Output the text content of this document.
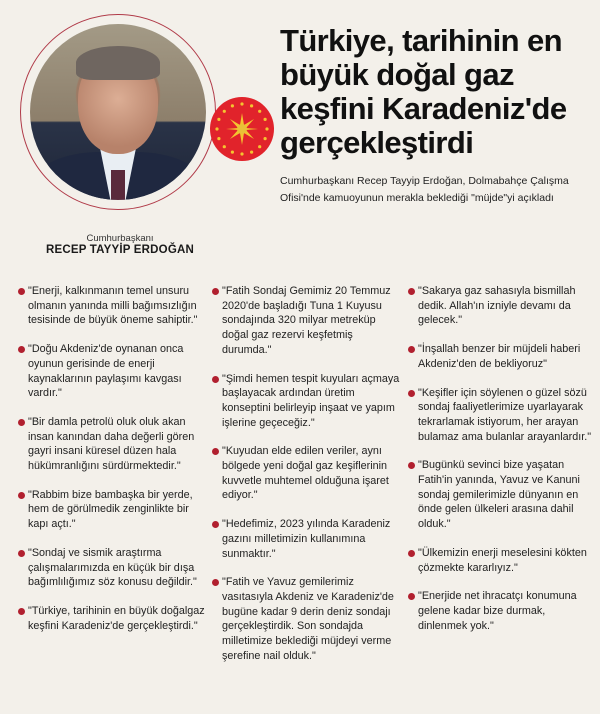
Cumhurbaşkanı
RECEP TAYYİP ERDOĞAN
Türkiye, tarihinin en büyük doğal gaz keşfini Karadeniz'de gerçekleştirdi

Cumhurbaşkanı Recep Tayyip Erdoğan, Dolmabahçe Çalışma Ofisi'nde kamuoyunun merakla beklediği "müjde"yi açıkladı

"Enerji, kalkınmanın temel unsuru olmanın yanında milli bağımsızlığın tesisinde de büyük öneme sahiptir."
"Doğu Akdeniz'de oynanan onca oyunun gerisinde de enerji kaynaklarının paylaşımı kavgası vardır."
"Bir damla petrolü oluk oluk akan insan kanından daha değerli gören gayri insani küresel düzen hala hükümranlığını sürdürmektedir."
"Rabbim bize bambaşka bir yerde, hem de görülmedik zenginlikte bir kapı açtı."
"Sondaj ve sismik araştırma çalışmalarımızda en küçük bir dışa bağımlılığımız söz konusu değildir."
"Türkiye, tarihinin en büyük doğalgaz keşfini Karadeniz'de gerçekleştirdi."
"Fatih Sondaj Gemimiz 20 Temmuz 2020'de başladığı Tuna 1 Kuyusu sondajında 320 milyar metreküp doğal gaz rezervi keşfetmiş durumda."
"Şimdi hemen tespit kuyuları açmaya başlayacak ardından üretim konseptini belirleyip inşaat ve yapım işlerine geçeceğiz."
"Kuyudan elde edilen veriler, aynı bölgede yeni doğal gaz keşiflerinin kuvvetle muhtemel olduğuna işaret ediyor."
"Hedefimiz, 2023 yılında Karadeniz gazını milletimizin kullanımına sunmaktır."
"Fatih ve Yavuz gemilerimiz vasıtasıyla Akdeniz ve Karadeniz'de bugüne kadar 9 derin deniz sondajı gerçekleştirdik. Son sondajda milletimize beklediği müjdeyi verme şerefine nail olduk."
"Sakarya gaz sahasıyla bismillah dedik. Allah'ın izniyle devamı da gelecek."
"İnşallah benzer bir müjdeli haberi Akdeniz'den de bekliyoruz"
"Keşifler için söylenen o güzel sözü sondaj faaliyetlerimize uyarlayarak tekrarlamak istiyorum, her arayan bulamaz ama bulanlar arayanlardır."
"Bugünkü sevinci bize yaşatan Fatih'in yanında, Yavuz ve Kanuni sondaj gemilerimizle dünyanın en önde gelen ülkeleri arasına dahil olduk."
"Ülkemizin enerji meselesini kökten çözmekte kararlıyız."
"Enerjide net ihracatçı konumuna gelene kadar bize durmak, dinlenmek yok."
